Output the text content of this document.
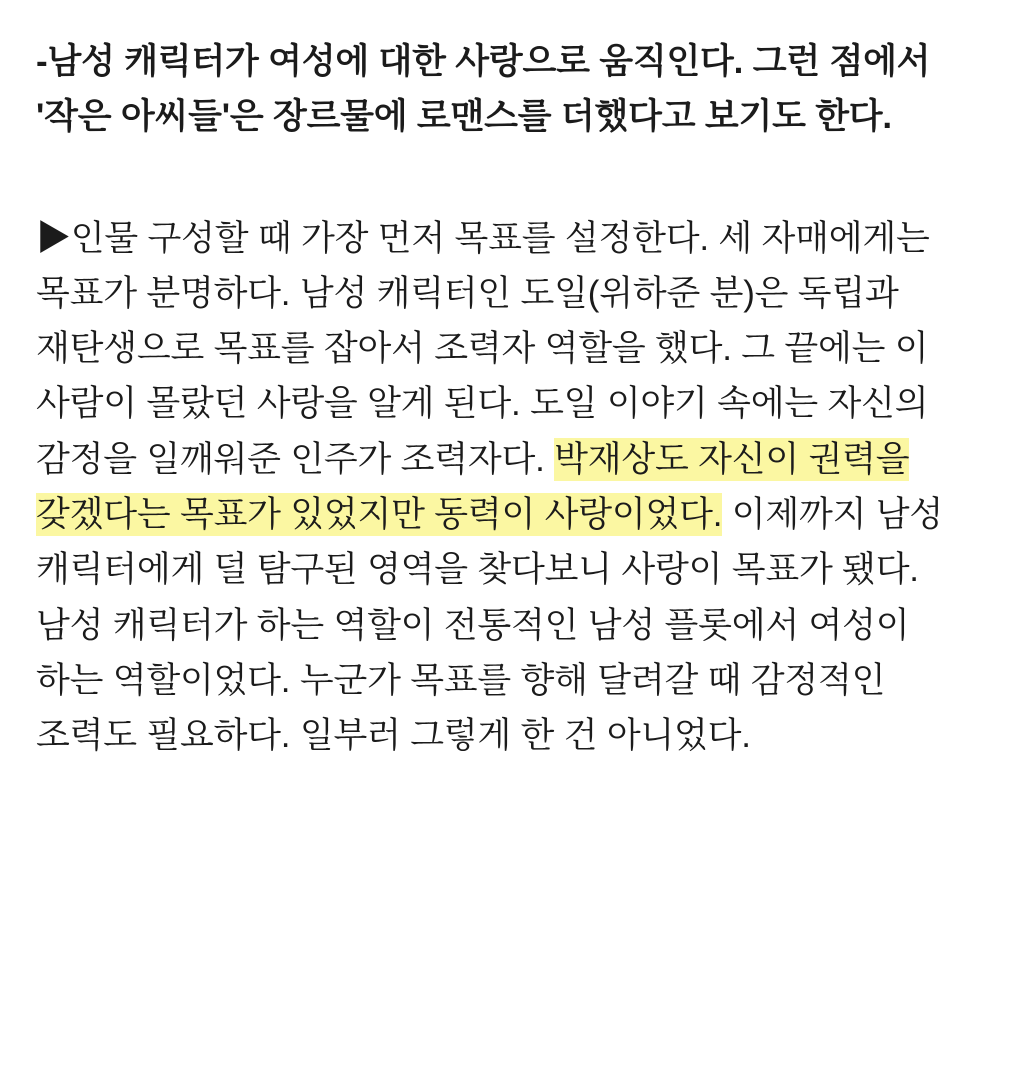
-남성 캐릭터가 여성에 대한 사랑으로 움직인다. 그런 점에서 '작은 아씨들'은 장르물에 로맨스를 더했다고 보기도 한다.

▶인물 구성할 때 가장 먼저 목표를 설정한다. 세 자매에게는 목표가 분명하다. 남성 캐릭터인 도일(위하준 분)은 독립과 재탄생으로 목표를 잡아서 조력자 역할을 했다. 그 끝에는 이 사람이 몰랐던 사랑을 알게 된다. 도일 이야기 속에는 자신의 감정을 일깨워준 인주가 조력자다. 박재상도 자신이 권력을 갖겠다는 목표가 있었지만 동력이 사랑이었다. 이제까지 남성 캐릭터에게 덜 탐구된 영역을 찾다보니 사랑이 목표가 됐다. 남성 캐릭터가 하는 역할이 전통적인 남성 플롯에서 여성이 하는 역할이었다. 누군가 목표를 향해 달려갈 때 감정적인 조력도 필요하다. 일부러 그렇게 한 건 아니었다.
